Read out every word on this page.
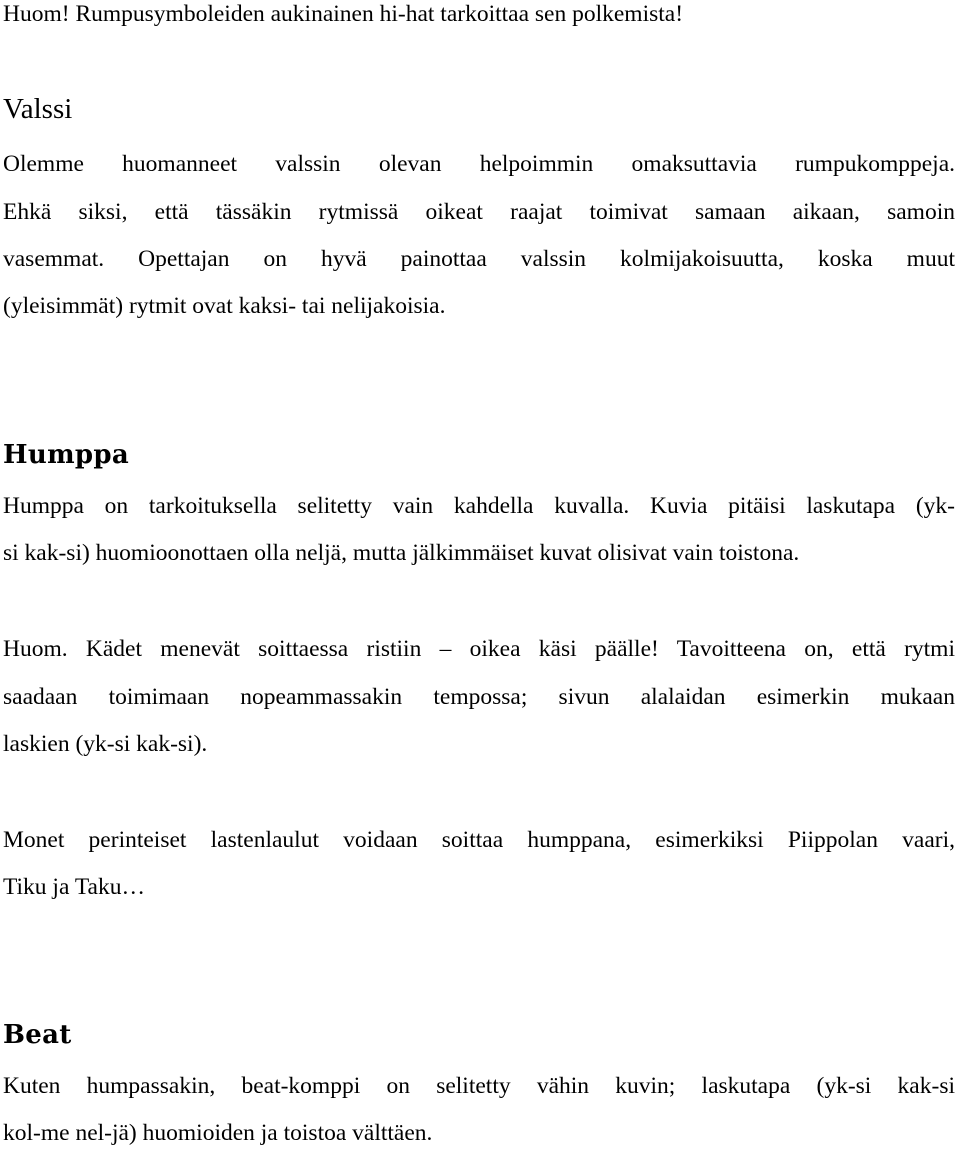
Huom! Rumpusymboleiden aukinainen hi-hat tarkoittaa sen polkemista!

Valssi

Olemme huomanneet valssin olevan helpoimmin omaksuttavia rumpukomppeja.

Ehkä siksi, että tässäkin rytmissä oikeat raajat toimivat samaan aikaan, samoin

vasemmat. Opettajan on hyvä painottaa valssin kolmijakoisuutta, koska muut

(yleisimmät) rytmit ovat kaksi- tai nelijakoisia.

Humppa

Humppa on tarkoituksella selitetty vain kahdella kuvalla. Kuvia pitäisi laskutapa (yk-

si kak-si) huomioonottaen olla neljä, mutta jälkimmäiset kuvat olisivat vain toistona.

Huom. Kädet menevät soittaessa ristiin – oikea käsi päälle! Tavoitteena on, että rytmi

saadaan toimimaan nopeammassakin tempossa; sivun alalaidan esimerkin mukaan

laskien (yk-si kak-si).

Monet perinteiset lastenlaulut voidaan soittaa humppana, esimerkiksi Piippolan vaari,

Tiku ja Taku…

Beat

Kuten humpassakin, beat-komppi on selitetty vähin kuvin; laskutapa (yk-si kak-si

kol-me nel-jä) huomioiden ja toistoa välttäen.
